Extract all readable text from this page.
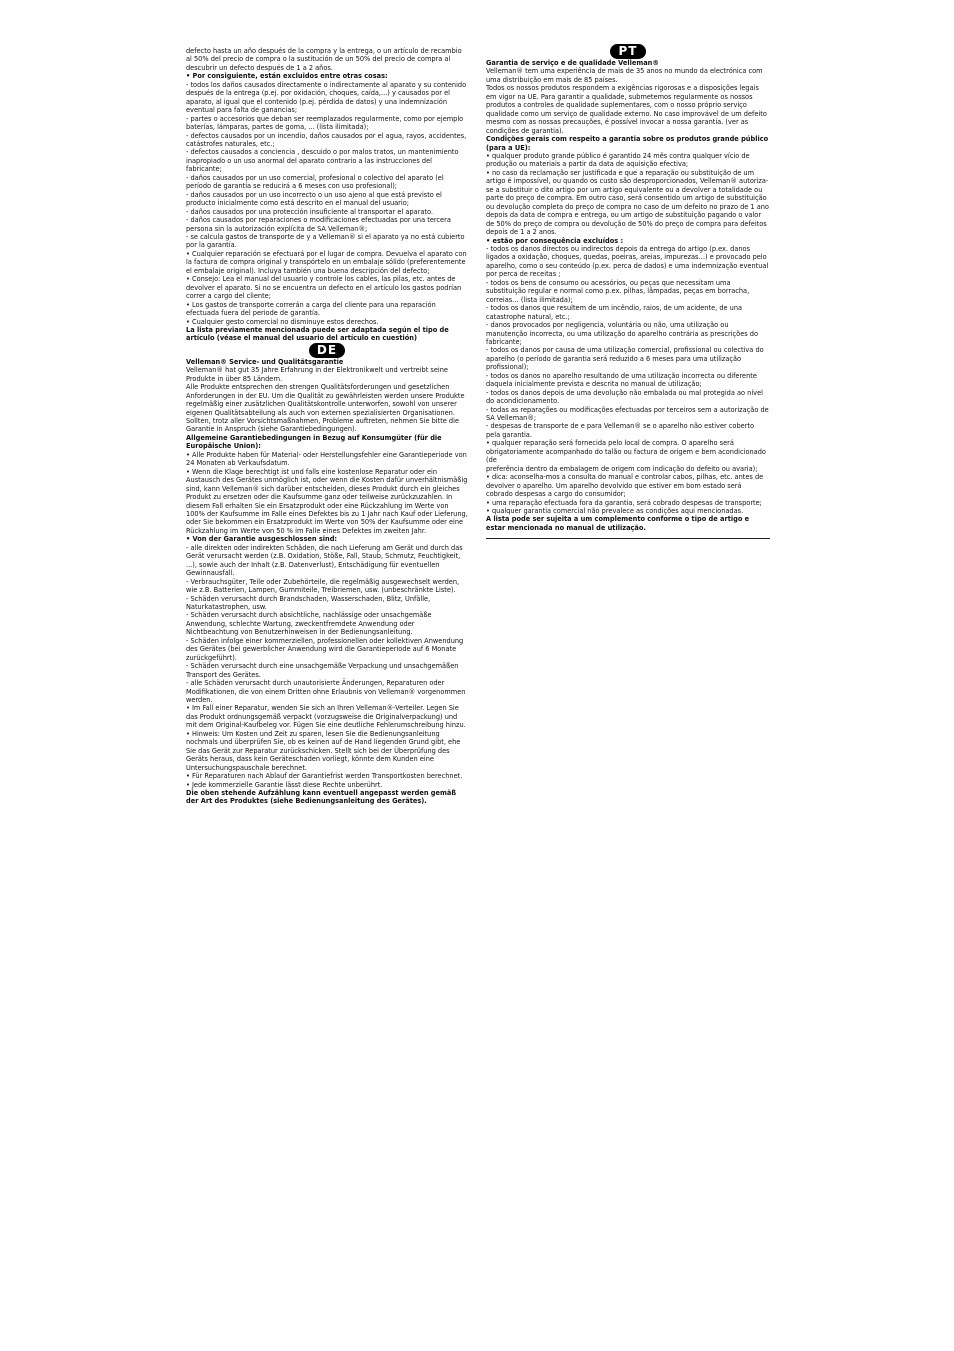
defecto hasta un año después de la compra y la entrega, o un artículo de recambio al 50% del precio de compra o la sustitución de un 50% del precio de compra al descubrir un defecto después de 1 a 2 años.

• Por consiguiente, están excluidos entre otras cosas:

- todos los daños causados directamente o indirectamente al aparato y su contenido después de la entrega (p.ej. por oxidación, choques, caída,...) y causados por el aparato, al igual que el contenido (p.ej. pérdida de datos) y una indemnización eventual para falta de ganancias;

- partes o accesorios que deban ser reemplazados regularmente, como por ejemplo baterías, lámparas, partes de goma, ... (lista ilimitada);

- defectos causados por un incendio, daños causados por el agua, rayos, accidentes, catástrofes naturales, etc.;

- defectos causados a conciencia , descuido o por malos tratos, un mantenimiento inapropiado o un uso anormal del aparato contrario a las instrucciones del fabricante;

- daños causados por un uso comercial, profesional o colectivo del aparato (el período de garantía se reducirá a 6 meses con uso profesional);

- daños causados por un uso incorrecto o un uso ajeno al que está previsto el producto inicialmente como está descrito en el manual del usuario;

- daños causados por una protección insuficiente al transportar el aparato.

- daños causados por reparaciones o modificaciones efectuadas por una tercera persona sin la autorización explícita de SA Velleman®;

- se calcula gastos de transporte de y a Velleman® si el aparato ya no está cubierto por la garantía.

• Cualquier reparación se efectuará por el lugar de compra. Devuelva el aparato con la factura de compra original y transpórtelo en un embalaje sólido (preferentemente el embalaje original). Incluya también una buena descripción del defecto;

• Consejo: Lea el manual del usuario y controle los cables, las pilas, etc. antes de devolver el aparato. Si no se encuentra un defecto en el artículo los gastos podrían correr a cargo del cliente;

• Los gastos de transporte correrán a carga del cliente para una reparación efectuada fuera del periode de garantía.

• Cualquier gesto comercial no disminuye estos derechos.

La lista previamente mencionada puede ser adaptada según el tipo de artículo (véase el manual del usuario del artículo en cuestión)

DE

Velleman® Service- und Qualitätsgarantie

Velleman® hat gut 35 Jahre Erfahrung in der Elektronikwelt und vertreibt seine Produkte in über 85 Ländern.
Alle Produkte entsprechen den strengen Qualitätsforderungen und gesetzlichen Anforderungen in der EU. Um die Qualität zu gewährleisten werden unsere Produkte regelmäßig einer zusätzlichen Qualitätskontrolle unterworfen, sowohl von unserer eigenen Qualitätsabteilung als auch von externen spezialisierten Organisationen. Sollten, trotz aller Vorsichtsmaßnahmen, Probleme auftreten, nehmen Sie bitte die Garantie in Anspruch (siehe Garantiebedingungen).

Allgemeine Garantiebedingungen in Bezug auf Konsumgüter (für die Europäische Union):

• Alle Produkte haben für Material- oder Herstellungsfehler eine Garantieperiode von 24 Monaten ab Verkaufsdatum.

• Wenn die Klage berechtigt ist und falls eine kostenlose Reparatur oder ein Austausch des Gerätes unmöglich ist, oder wenn die Kosten dafür unverhältnismäßig sind, kann Velleman® sich darüber entscheiden, dieses Produkt durch ein gleiches Produkt zu ersetzen oder die Kaufsumme ganz oder teilweise zurückzuzahlen. In diesem Fall erhalten Sie ein Ersatzprodukt oder eine Rückzahlung im Werte von 100% der Kaufsumme im Falle eines Defektes bis zu 1 Jahr nach Kauf oder Lieferung, oder Sie bekommen ein Ersatzprodukt im Werte von 50% der Kaufsumme oder eine Rückzahlung im Werte von 50 % im Falle eines Defektes im zweiten Jahr.

• Von der Garantie ausgeschlossen sind:

- alle direkten oder indirekten Schäden, die nach Lieferung am Gerät und durch das Gerät verursacht werden (z.B. Oxidation, Stöße, Fall, Staub, Schmutz, Feuchtigkeit, ...), sowie auch der Inhalt (z.B. Datenverlust), Entschädigung für eventuellen Gewinnausfall.

- Verbrauchsgüter, Teile oder Zubehörteile, die regelmäßig ausgewechselt werden, wie z.B. Batterien, Lampen, Gummiteile, Treibriemen, usw. (unbeschränkte Liste).

- Schäden verursacht durch Brandschaden, Wasserschaden, Blitz, Unfälle, Naturkatastrophen, usw.

- Schäden verursacht durch absichtliche, nachlässige oder unsachgemäße Anwendung, schlechte Wartung, zweckentfremdete Anwendung oder Nichtbeachtung von Benutzerhinweisen in der Bedienungsanleitung.

- Schäden infolge einer kommerziellen, professionellen oder kollektiven Anwendung des Gerätes (bei gewerblicher Anwendung wird die Garantieperiode auf 6 Monate zurückgeführt).

- Schäden verursacht durch eine unsachgemäße Verpackung und unsachgemäßen Transport des Gerätes.

- alle Schäden verursacht durch unautorisierte Änderungen, Reparaturen oder Modifikationen, die von einem Dritten ohne Erlaubnis von Velleman® vorgenommen werden.

• Im Fall einer Reparatur, wenden Sie sich an Ihren Velleman®-Verteiler. Legen Sie das Produkt ordnungsgemäß verpackt (vorzugsweise die Originalverpackung) und mit dem Original-Kaufbeleg vor. Fügen Sie eine deutliche Fehlerumschreibung hinzu.

• Hinweis: Um Kosten und Zeit zu sparen, lesen Sie die Bedienungsanleitung nochmals und überprüfen Sie, ob es keinen auf de Hand liegenden Grund gibt, ehe Sie das Gerät zur Reparatur zurückschicken. Stellt sich bei der Überprüfung des Geräts heraus, dass kein Geräteschaden vorliegt, könnte dem Kunden eine Untersuchungspauschale berechnet.

• Für Reparaturen nach Ablauf der Garantiefrist werden Transportkosten berechnet.

• Jede kommerzielle Garantie lässt diese Rechte unberührt.

Die oben stehende Aufzählung kann eventuell angepasst werden gemäß der Art des Produktes (siehe Bedienungsanleitung des Gerätes).

PT

Garantia de serviço e de qualidade Velleman®

Velleman® tem uma experiência de mais de 35 anos no mundo da electrónica com uma distribuição em mais de 85 países.
Todos os nossos produtos respondem a exigências rigorosas e a disposições legais em vigor na UE. Para garantir a qualidade, submetemos regularmente os nossos produtos a controles de qualidade suplementares, com o nosso próprio serviço qualidade como um serviço de qualidade externo. No caso improvável de um defeito mesmo com as nossas precauções, é possível invocar a nossa garantia. (ver as condições de garantia).

Condições gerais com respeito a garantia sobre os produtos grande público (para a UE):

• qualquer produto grande público é garantido 24 mês contra qualquer vício de produção ou materiais a partir da data de aquisição efectiva;

• no caso da reclamação ser justificada e que a reparação ou substituição de um artigo é impossível, ou quando os custo são desproporcionados, Velleman® autoriza-se a substituir o dito artigo por um artigo equivalente ou a devolver a totalidade ou parte do preço de compra. Em outro caso, será consentido um artigo de substituição ou devolução completa do preço de compra no caso de um defeito no prazo de 1 ano depois da data de compra e entrega, ou um artigo de substituição pagando o valor de 50% do preço de compra ou devolução de 50% do preço de compra para defeitos depois de 1 a 2 anos.

• estão por consequência excluídos :

- todos os danos directos ou indirectos depois da entrega do artigo (p.ex. danos ligados a oxidação, choques, quedas, poeiras, areias, impurezas…) e provocado pelo aparelho, como o seu conteúdo (p.ex. perca de dados) e uma indemnização eventual por perca de receitas ;

- todos os bens de consumo ou acessórios, ou peças que necessitam uma substituição regular e normal como p.ex. pilhas, lâmpadas, peças em borracha, correias… (lista ilimitada);

- todos os danos que resultem de um incêndio, raios, de um acidente, de una catastrophe natural, etc.;

- danos provocados por negligencia, voluntária ou não, uma utilização ou manutenção incorrecta, ou uma utilização do aparelho contrária as prescrições do fabricante;

- todos os danos por causa de uma utilização comercial, profissional ou colectiva do aparelho (o período de garantia será reduzido a 6 meses para uma utilização profissional);

- todos os danos no aparelho resultando de uma utilização incorrecta ou diferente daquela inicialmente prevista e descrita no manual de utilização;

- todos os danos depois de uma devolução não embalada ou mal protegida ao nível do acondicionamento.

- todas as reparações ou modificações efectuadas por terceiros sem a autorização de SA Velleman®;

- despesas de transporte de e para Velleman® se o aparelho não estiver coberto pela garantia.

• qualquer reparação será fornecida pelo local de compra. O aparelho será obrigatoriamente acompanhado do talão ou factura de origem e bem acondicionado (de
preferência dentro da embalagem de origem com indicação do defeito ou avaria);

• dica: aconselha-mos a consulta do manual e controlar cabos, pilhas, etc. antes de
devolver o aparelho. Um aparelho devolvido que estiver em bom estado será cobrado despesas a cargo do consumidor;

• uma reparação efectuada fora da garantia, será cobrado despesas de transporte;

• qualquer garantia comercial não prevalece as condições aqui mencionadas.

A lista pode ser sujeita a um complemento conforme o tipo de artigo e estar mencionada no manual de utilização.
